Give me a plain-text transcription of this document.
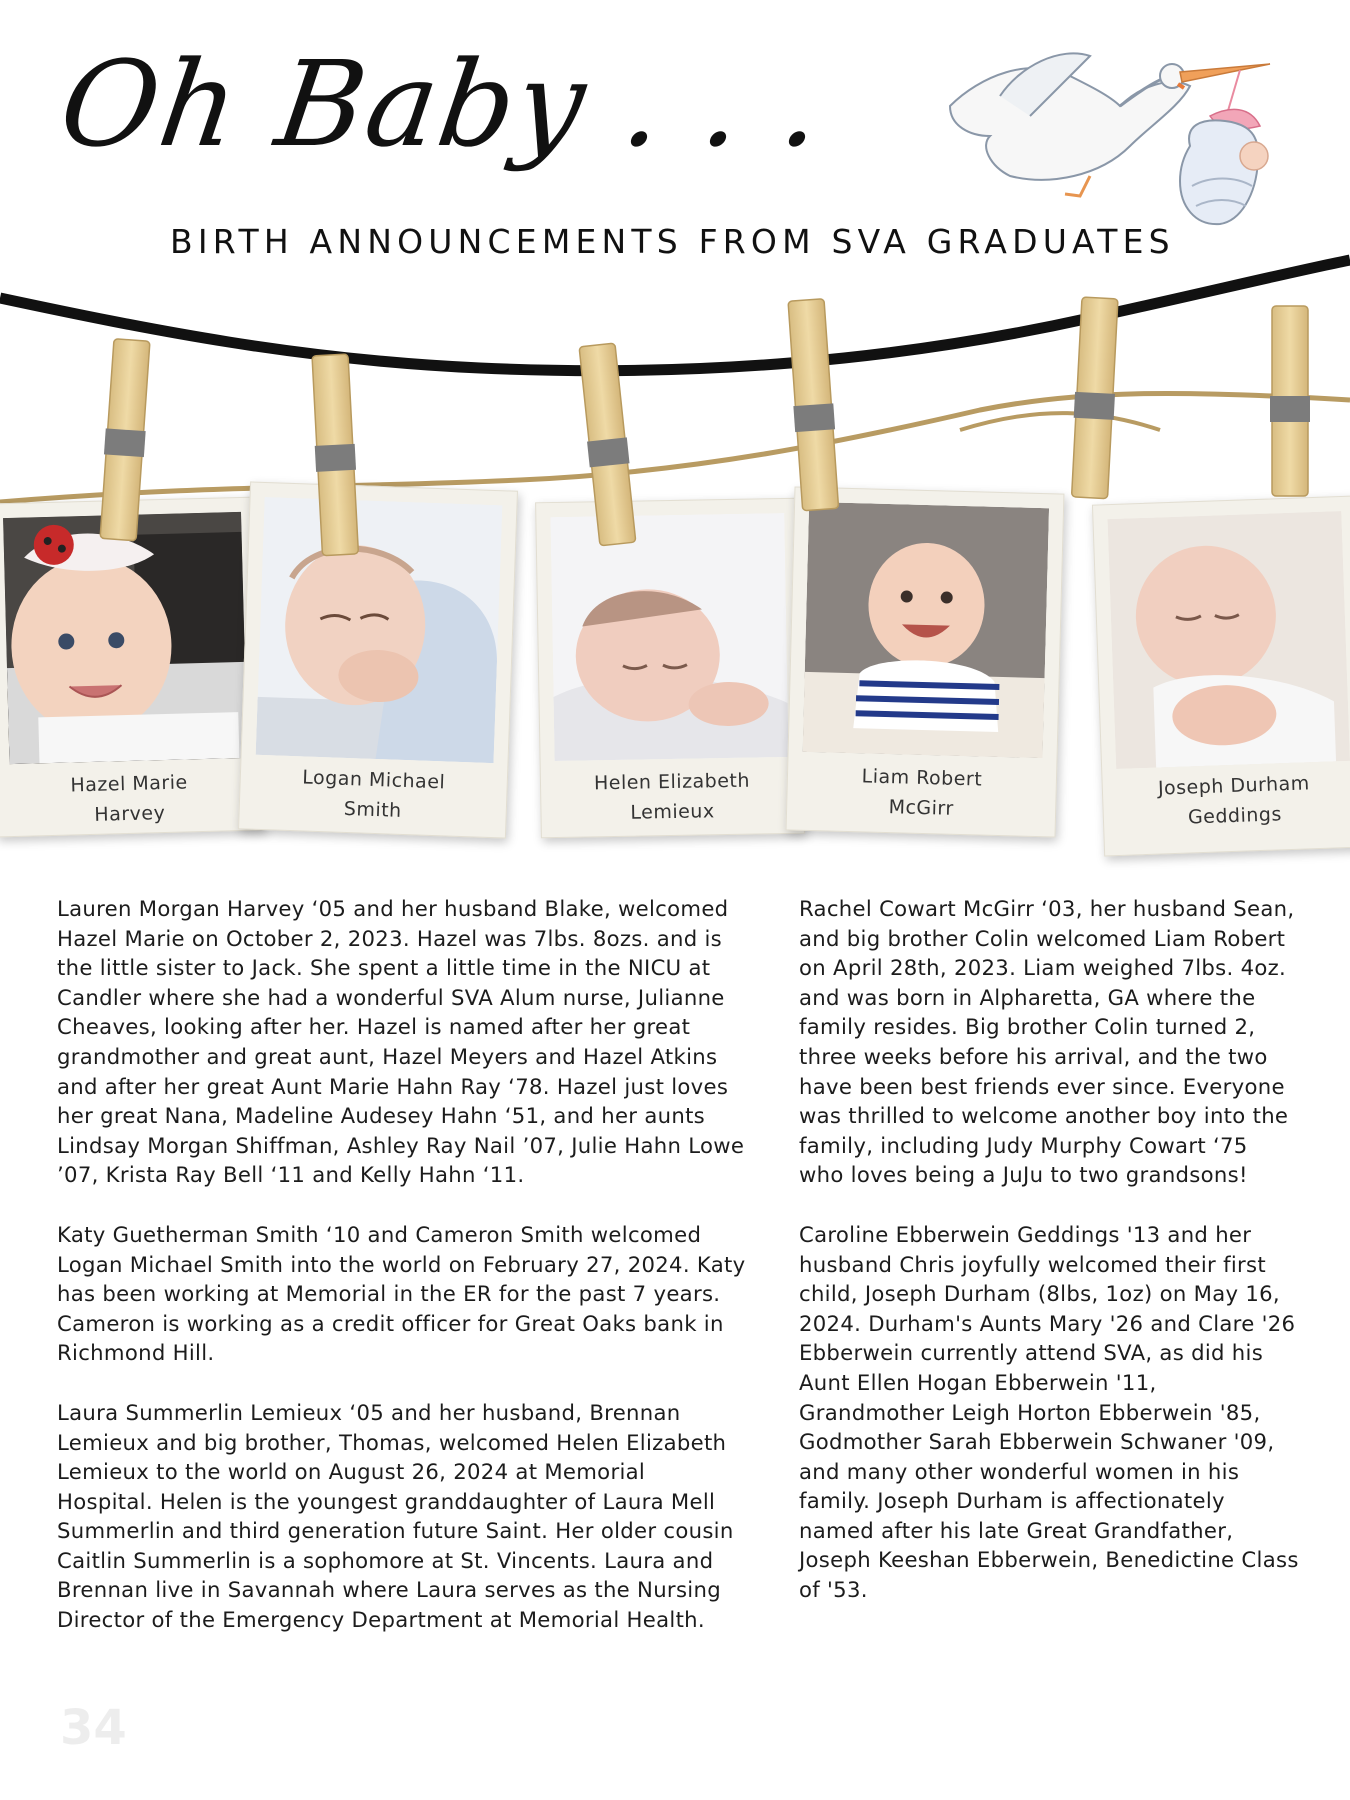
Oh Baby . . .
BIRTH ANNOUNCEMENTS FROM SVA GRADUATES
Hazel Marie
Harvey
Logan Michael
Smith
Helen Elizabeth
Lemieux
Liam Robert
McGirr
Joseph Durham
Geddings

Lauren Morgan Harvey ‘05 and her husband Blake, welcomed Hazel Marie on October 2, 2023. Hazel was 7lbs. 8ozs. and is the little sister to Jack. She spent a little time in the NICU at Candler where she had a wonderful SVA Alum nurse, Julianne Cheaves, looking after her. Hazel is named after her great grandmother and great aunt, Hazel Meyers and Hazel Atkins and after her great Aunt Marie Hahn Ray ‘78. Hazel just loves her great Nana, Madeline Audesey Hahn ‘51, and her aunts Lindsay Morgan Shiffman, Ashley Ray Nail ’07, Julie Hahn Lowe ’07, Krista Ray Bell ‘11 and Kelly Hahn ‘11.

Katy Guetherman Smith ‘10 and Cameron Smith welcomed Logan Michael Smith into the world on February 27, 2024. Katy has been working at Memorial in the ER for the past 7 years. Cameron is working as a credit officer for Great Oaks bank in Richmond Hill.

Laura Summerlin Lemieux ‘05 and her husband, Brennan Lemieux and big brother, Thomas, welcomed Helen Elizabeth Lemieux to the world on August 26, 2024 at Memorial Hospital. Helen is the youngest granddaughter of Laura Mell Summerlin and third generation future Saint. Her older cousin Caitlin Summerlin is a sophomore at St. Vincents. Laura and Brennan live in Savannah where Laura serves as the Nursing Director of the Emergency Department at Memorial Health.

Rachel Cowart McGirr ‘03, her husband Sean, and big brother Colin welcomed Liam Robert on April 28th, 2023. Liam weighed 7lbs. 4oz. and was born in Alpharetta, GA where the family resides. Big brother Colin turned 2, three weeks before his arrival, and the two have been best friends ever since. Everyone was thrilled to welcome another boy into the family, including Judy Murphy Cowart ‘75 who loves being a JuJu to two grandsons!

Caroline Ebberwein Geddings '13 and her husband Chris joyfully welcomed their first child, Joseph Durham (8lbs, 1oz) on May 16, 2024. Durham's Aunts Mary '26 and Clare '26 Ebberwein currently attend SVA, as did his Aunt Ellen Hogan Ebberwein '11, Grandmother Leigh Horton Ebberwein '85, Godmother Sarah Ebberwein Schwaner '09, and many other wonderful women in his family. Joseph Durham is affectionately named after his late Great Grandfather, Joseph Keeshan Ebberwein, Benedictine Class of '53.

34
